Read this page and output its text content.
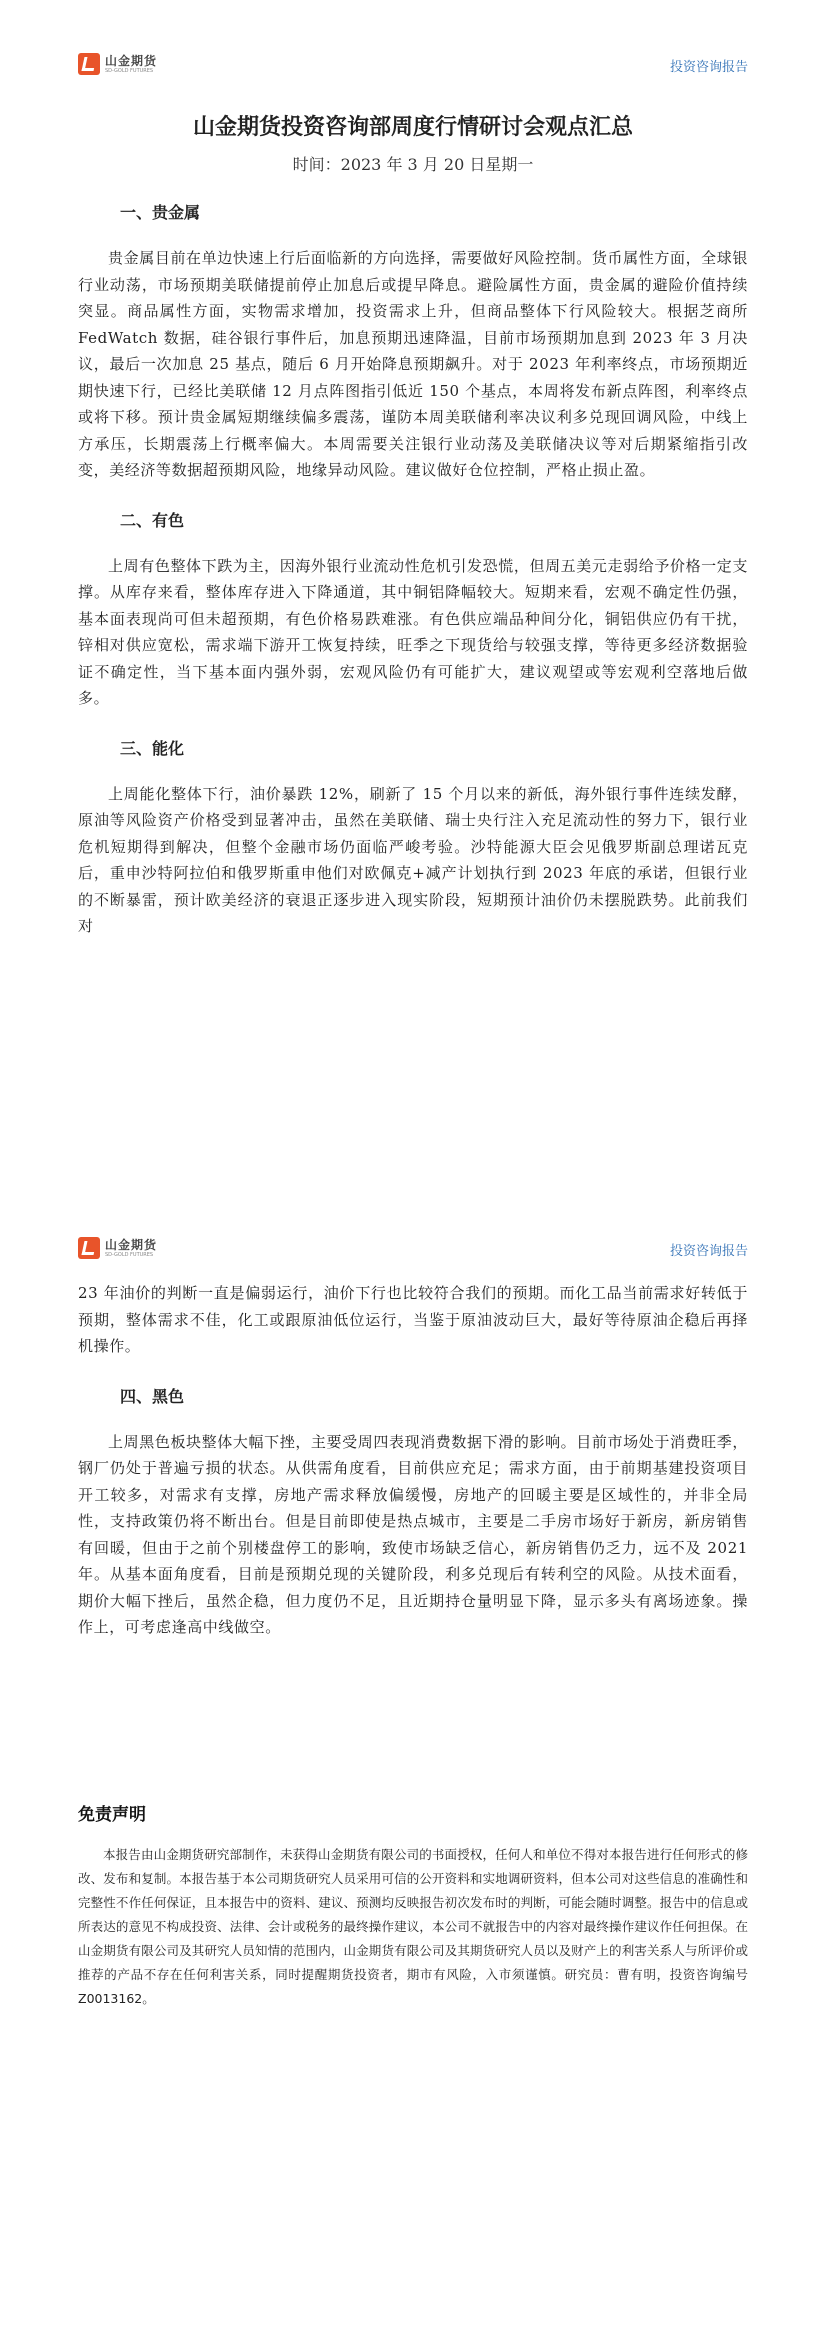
山金期货
SD-GOLD FUTURES	投资咨询报告
山金期货投资咨询部周度行情研讨会观点汇总

时间：2023 年 3 月 20 日星期一

一、贵金属

贵金属目前在单边快速上行后面临新的方向选择，需要做好风险控制。货币属性方面，全球银行业动荡，市场预期美联储提前停止加息后或提早降息。避险属性方面，贵金属的避险价值持续突显。商品属性方面，实物需求增加，投资需求上升，但商品整体下行风险较大。根据芝商所 FedWatch 数据，硅谷银行事件后，加息预期迅速降温，目前市场预期加息到 2023 年 3 月决议，最后一次加息 25 基点，随后 6 月开始降息预期飙升。对于 2023 年利率终点，市场预期近期快速下行，已经比美联储 12 月点阵图指引低近 150 个基点，本周将发布新点阵图，利率终点或将下移。预计贵金属短期继续偏多震荡，谨防本周美联储利率决议利多兑现回调风险，中线上方承压，长期震荡上行概率偏大。本周需要关注银行业动荡及美联储决议等对后期紧缩指引改变，美经济等数据超预期风险，地缘异动风险。建议做好仓位控制，严格止损止盈。

二、有色

上周有色整体下跌为主，因海外银行业流动性危机引发恐慌，但周五美元走弱给予价格一定支撑。从库存来看，整体库存进入下降通道，其中铜铝降幅较大。短期来看，宏观不确定性仍强，基本面表现尚可但未超预期，有色价格易跌难涨。有色供应端品种间分化，铜铝供应仍有干扰，锌相对供应宽松，需求端下游开工恢复持续，旺季之下现货给与较强支撑，等待更多经济数据验证不确定性，当下基本面内强外弱，宏观风险仍有可能扩大，建议观望或等宏观利空落地后做多。

三、能化

上周能化整体下行，油价暴跌 12%，刷新了 15 个月以来的新低，海外银行事件连续发酵，原油等风险资产价格受到显著冲击，虽然在美联储、瑞士央行注入充足流动性的努力下，银行业危机短期得到解决，但整个金融市场仍面临严峻考验。沙特能源大臣会见俄罗斯副总理诺瓦克后，重申沙特阿拉伯和俄罗斯重申他们对欧佩克+减产计划执行到 2023 年底的承诺，但银行业的不断暴雷，预计欧美经济的衰退正逐步进入现实阶段，短期预计油价仍未摆脱跌势。此前我们对

山金期货
SD-GOLD FUTURES	投资咨询报告

23 年油价的判断一直是偏弱运行，油价下行也比较符合我们的预期。而化工品当前需求好转低于预期，整体需求不佳，化工或跟原油低位运行，当鉴于原油波动巨大，最好等待原油企稳后再择机操作。

四、黑色

上周黑色板块整体大幅下挫，主要受周四表现消费数据下滑的影响。目前市场处于消费旺季，钢厂仍处于普遍亏损的状态。从供需角度看，目前供应充足；需求方面，由于前期基建投资项目开工较多，对需求有支撑，房地产需求释放偏缓慢，房地产的回暖主要是区域性的，并非全局性，支持政策仍将不断出台。但是目前即使是热点城市，主要是二手房市场好于新房，新房销售有回暖，但由于之前个别楼盘停工的影响，致使市场缺乏信心，新房销售仍乏力，远不及 2021 年。从基本面角度看，目前是预期兑现的关键阶段，利多兑现后有转利空的风险。从技术面看，期价大幅下挫后，虽然企稳，但力度仍不足，且近期持仓量明显下降，显示多头有离场迹象。操作上，可考虑逢高中线做空。

免责声明

本报告由山金期货研究部制作，未获得山金期货有限公司的书面授权，任何人和单位不得对本报告进行任何形式的修改、发布和复制。本报告基于本公司期货研究人员采用可信的公开资料和实地调研资料，但本公司对这些信息的准确性和完整性不作任何保证，且本报告中的资料、建议、预测均反映报告初次发布时的判断，可能会随时调整。报告中的信息或所表达的意见不构成投资、法律、会计或税务的最终操作建议，本公司不就报告中的内容对最终操作建议作任何担保。在山金期货有限公司及其研究人员知情的范围内，山金期货有限公司及其期货研究人员以及财产上的利害关系人与所评价或推荐的产品不存在任何利害关系，同时提醒期货投资者，期市有风险，入市须谨慎。研究员：曹有明，投资咨询编号 Z0013162。
